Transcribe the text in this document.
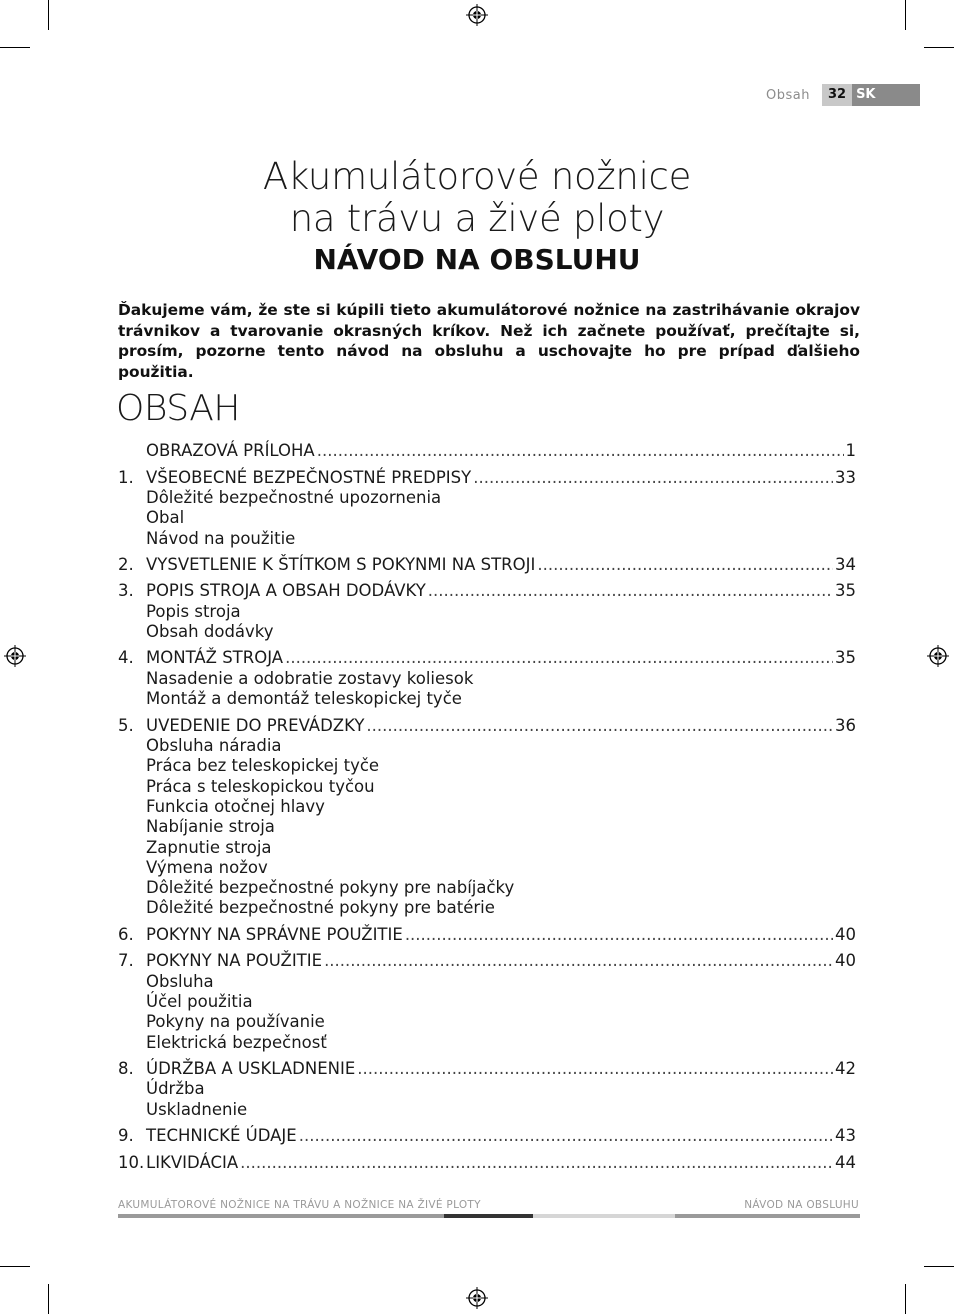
Obsah	32 SK
Akumulátorové nožnice
na trávu a živé ploty
NÁVOD NA OBSLUHU
Ďakujeme vám, že ste si kúpili tieto akumulátorové nožnice na zastrihávanie okrajov trávnikov a tvarovanie okrasných kríkov. Než ich začnete používať, prečítajte si, prosím, pozorne tento návod na obsluhu a uschovajte ho pre prípad ďalšieho použitia.
OBSAH
OBRAZOVÁ PRÍLOHA .....	1
1. VŠEOBECNÉ BEZPEČNOSTNÉ PREDPISY .....	33
Dôležité bezpečnostné upozornenia
Obal
Návod na použitie
2. VYSVETLENIE K ŠTÍTKOM S POKYNMI NA STROJI .....	34
3. POPIS STROJA A OBSAH DODÁVKY .....	35
Popis stroja
Obsah dodávky
4. MONTÁŽ STROJA .....	35
Nasadenie a odobratie zostavy koliesok
Montáž a demontáž teleskopickej tyče
5. UVEDENIE DO PREVÁDZKY .....	36
Obsluha náradia
Práca bez teleskopickej tyče
Práca s teleskopickou tyčou
Funkcia otočnej hlavy
Nabíjanie stroja
Zapnutie stroja
Výmena nožov
Dôležité bezpečnostné pokyny pre nabíjačky
Dôležité bezpečnostné pokyny pre batérie
6. POKYNY NA SPRÁVNE POUŽITIE .....	40
7. POKYNY NA POUŽITIE .....	40
Obsluha
Účel použitia
Pokyny na používanie
Elektrická bezpečnosť
8. ÚDRŽBA A USKLADNENIE .....	42
Údržba
Uskladnenie
9. TECHNICKÉ ÚDAJE .....	43
10. LIKVIDÁCIA .....	44
AKUMULÁTOROVÉ NOŽNICE NA TRÁVU A NOŽNICE NA ŽIVÉ PLOTY	NÁVOD NA OBSLUHU
